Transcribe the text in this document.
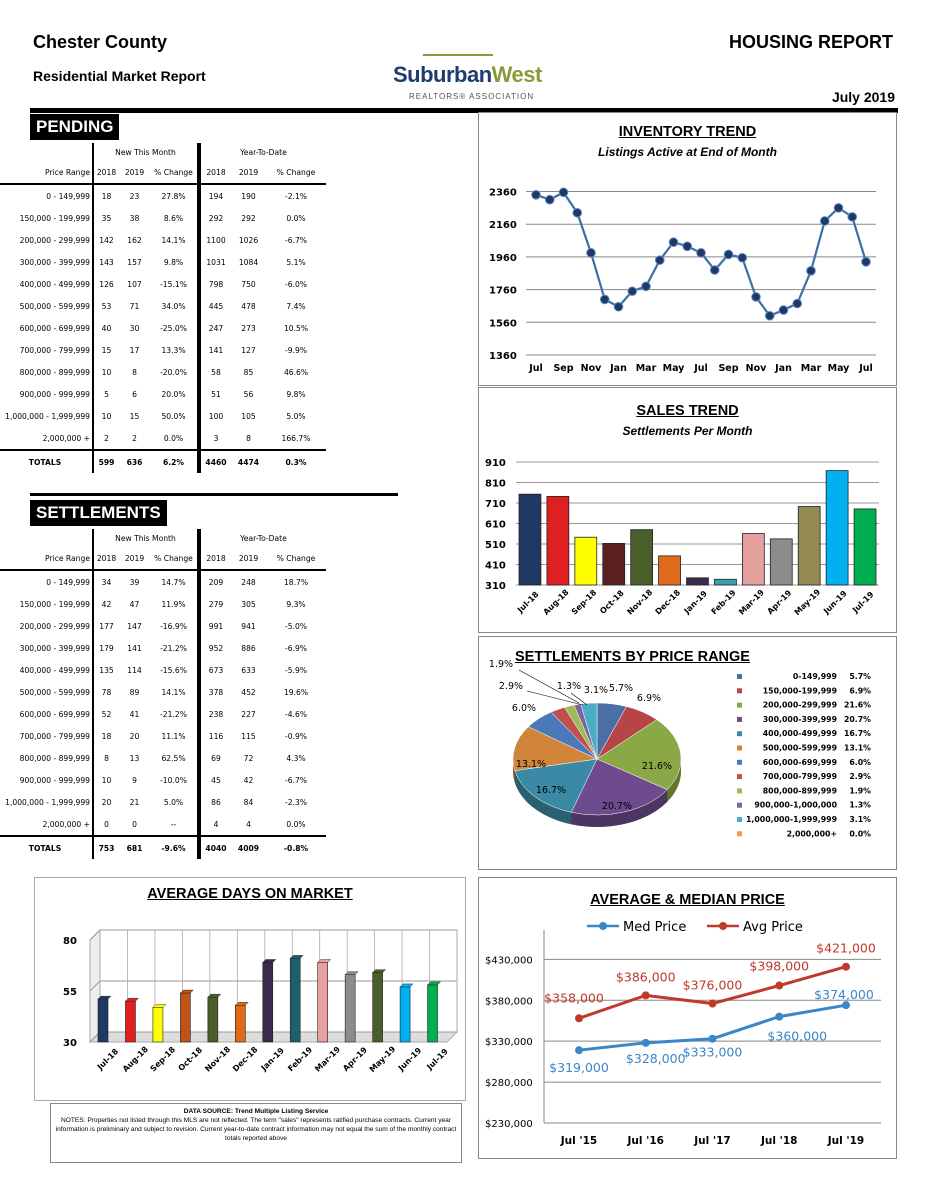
Chester County
Residential Market Report
HOUSING REPORT
July 2019
SuburbanWest
REALTORS® ASSOCIATION
PENDING
	New This Month			Year-To-Date		
Price Range	2018	2019	% Change	2018	2019	% Change
0 - 149,999	18	23	27.8%	194	190	-2.1%
150,000 - 199,999	35	38	8.6%	292	292	0.0%
200,000 - 299,999	142	162	14.1%	1100	1026	-6.7%
300,000 - 399,999	143	157	9.8%	1031	1084	5.1%
400,000 - 499,999	126	107	-15.1%	798	750	-6.0%
500,000 - 599,999	53	71	34.0%	445	478	7.4%
600,000 - 699,999	40	30	-25.0%	247	273	10.5%
700,000 - 799,999	15	17	13.3%	141	127	-9.9%
800,000 - 899,999	10	8	-20.0%	58	85	46.6%
900,000 - 999,999	5	6	20.0%	51	56	9.8%
1,000,000 - 1,999,999	10	15	50.0%	100	105	5.0%
2,000,000 +	2	2	0.0%	3	8	166.7%
TOTALS	599	636	6.2%	4460	4474	0.3%
SETTLEMENTS
	New This Month			Year-To-Date		
Price Range	2018	2019	% Change	2018	2019	% Change
0 - 149,999	34	39	14.7%	209	248	18.7%
150,000 - 199,999	42	47	11.9%	279	305	9.3%
200,000 - 299,999	177	147	-16.9%	991	941	-5.0%
300,000 - 399,999	179	141	-21.2%	952	886	-6.9%
400,000 - 499,999	135	114	-15.6%	673	633	-5.9%
500,000 - 599,999	78	89	14.1%	378	452	19.6%
600,000 - 699,999	52	41	-21.2%	238	227	-4.6%
700,000 - 799,999	18	20	11.1%	116	115	-0.9%
800,000 - 899,999	8	13	62.5%	69	72	4.3%
900,000 - 999,999	10	9	-10.0%	45	42	-6.7%
1,000,000 - 1,999,999	20	21	5.0%	86	84	-2.3%
2,000,000 +	0	0	--	4	4	0.0%
TOTALS	753	681	-9.6%	4040	4009	-0.8%
INVENTORY TREND
Listings Active at End of Month
1360
1560
1760
1960
2160
2360
Jul Sep Nov Jan Mar May Jul Sep Nov Jan Mar May Jul
SALES TREND
Settlements Per Month
310
410
510
610
710
810
910
Jul-18 Aug-18 Sep-18 Oct-18 Nov-18 Dec-18 Jan-19 Feb-19 Mar-19 Apr-19 May-19 Jun-19 Jul-19
SETTLEMENTS BY PRICE RANGE
5.7%
6.9%
21.6%
20.7%
16.7%
13.1%
6.0%
2.9%
1.9%
1.3% 3.1%
0-149,999 5.7%
150,000-199,999 6.9%
200,000-299,999 21.6%
300,000-399,999 20.7%
400,000-499,999 16.7%
500,000-599,999 13.1%
600,000-699,999 6.0%
700,000-799,999 2.9%
800,000-899,999 1.9%
900,000-1,000,000 1.3%
1,000,000-1,999,999 3.1%
2,000,000+ 0.0%
AVERAGE DAYS ON MARKET
30
55
80
Jul-18 Aug-18
Sep-18 Oct-18 Nov-18
Dec-18 Jan-19 Feb-19
Mar-19 Apr-19
May-19 Jun-19 Jul-19
DATA SOURCE: Trend Multiple Listing Service
NOTES: Properties not listed through this MLS are not reflected. The term "sales" represents ratified purchase contracts. Current year information is preliminary and subject to revision. Current year-to-date contract information may not equal the sum of the monthly contract totals reported above
AVERAGE & MEDIAN PRICE
$230,000
$280,000
$330,000
$380,000
$430,000
Jul '15	Jul '16	Jul '17	Jul '18	Jul '19
Med Price	Avg Price
$319,000
$328,000
$333,000
$360,000
$374,000
$358,000
$386,000
$376,000
$398,000
$421,000
